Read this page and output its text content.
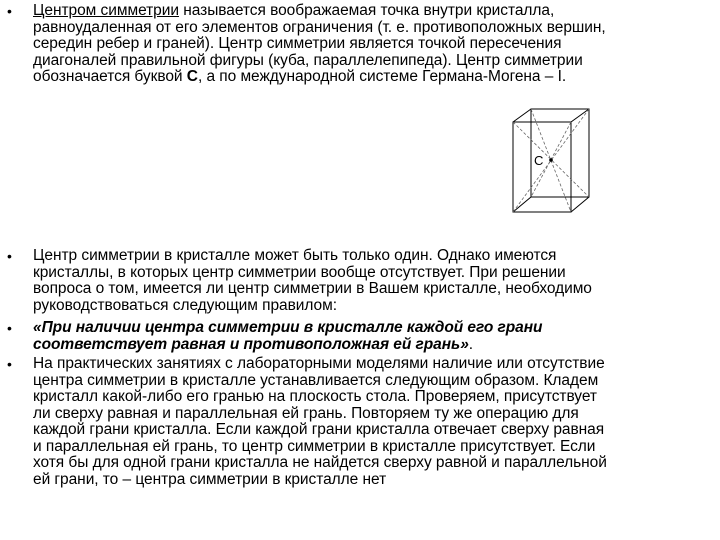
• Центром симметрии называется воображаемая точка внутри кристалла,
равноудаленная от его элементов ограничения (т. е. противоположных вершин,
середин ребер и граней). Центр симметрии является точкой пересечения
диагоналей правильной фигуры (куба, параллелепипеда). Центр симметрии
обозначается буквой С, а по международной системе Германа-Могена – I.
C
• Центр симметрии в кристалле может быть только один. Однако имеются
кристаллы, в которых центр симметрии вообще отсутствует. При решении
вопроса о том, имеется ли центр симметрии в Вашем кристалле, необходимо
руководствоваться следующим правилом:
• «При наличии центра симметрии в кристалле каждой его грани
соответствует равная и противоположная ей грань».
• На практических занятиях с лабораторными моделями наличие или отсутствие
центра симметрии в кристалле устанавливается следующим образом. Кладем
кристалл какой-либо его гранью на плоскость стола. Проверяем, присутствует
ли сверху равная и параллельная ей грань. Повторяем ту же операцию для
каждой грани кристалла. Если каждой грани кристалла отвечает сверху равная
и параллельная ей грань, то центр симметрии в кристалле присутствует. Если
хотя бы для одной грани кристалла не найдется сверху равной и параллельной
ей грани, то – центра симметрии в кристалле нет
